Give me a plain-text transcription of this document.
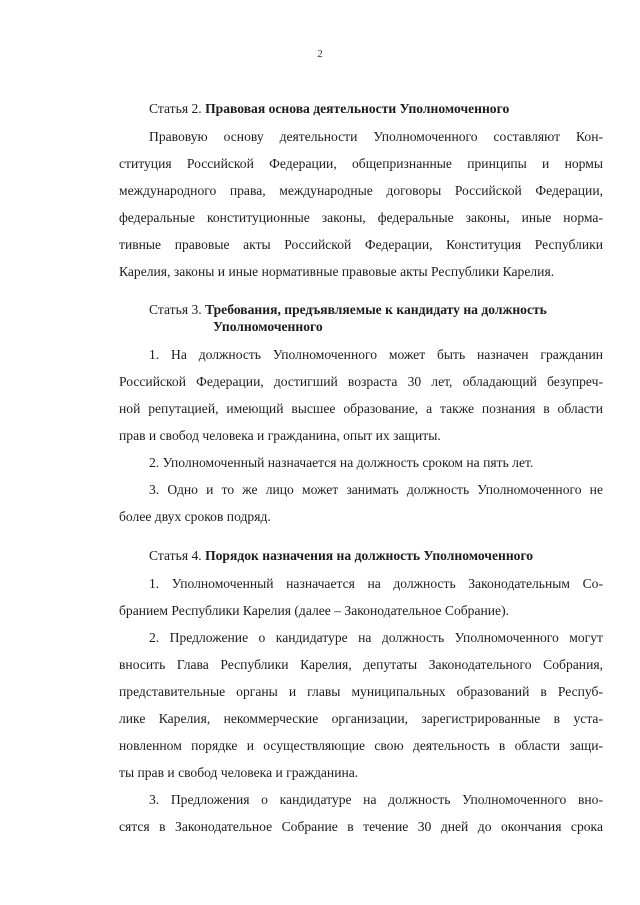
2
Статья 2. Правовая основа деятельности Уполномоченного
Правовую основу деятельности Уполномоченного составляют Кон-
ституция Российской Федерации, общепризнанные принципы и нормы
международного права, международные договоры Российской Федерации,
федеральные конституционные законы, федеральные законы, иные норма-
тивные правовые акты Российской Федерации, Конституция Республики
Карелия, законы и иные нормативные правовые акты Республики Карелия.
Статья 3. Требования, предъявляемые к кандидату на должность
Уполномоченного
1. На должность Уполномоченного может быть назначен гражданин
Российской Федерации, достигший возраста 30 лет, обладающий безупреч-
ной репутацией, имеющий высшее образование, а также познания в области
прав и свобод человека и гражданина, опыт их защиты.
2. Уполномоченный назначается на должность сроком на пять лет.
3. Одно и то же лицо может занимать должность Уполномоченного не
более двух сроков подряд.
Статья 4. Порядок назначения на должность Уполномоченного
1. Уполномоченный назначается на должность Законодательным Со-
бранием Республики Карелия (далее – Законодательное Собрание).
2. Предложение о кандидатуре на должность Уполномоченного могут
вносить Глава Республики Карелия, депутаты Законодательного Собрания,
представительные органы и главы муниципальных образований в Респуб-
лике Карелия, некоммерческие организации, зарегистрированные в уста-
новленном порядке и осуществляющие свою деятельность в области защи-
ты прав и свобод человека и гражданина.
3. Предложения о кандидатуре на должность Уполномоченного вно-
сятся в Законодательное Собрание в течение 30 дней до окончания срока
